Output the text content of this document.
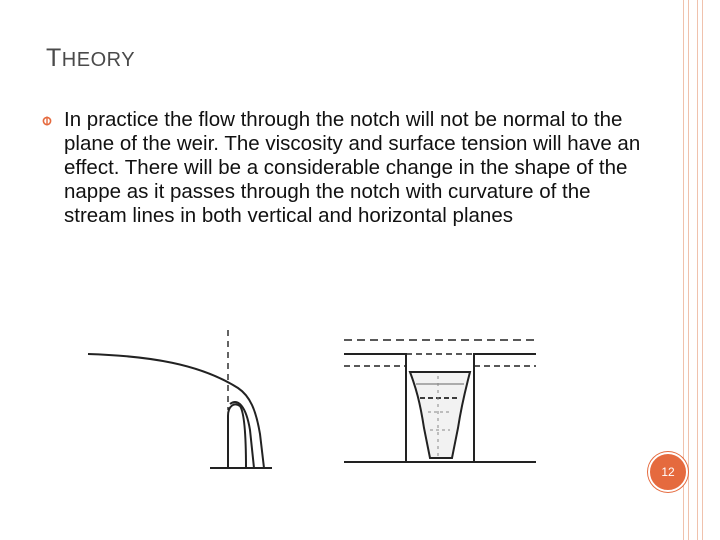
THEORY
In practice the flow through the notch will not be normal to the plane of the weir. The viscosity and surface tension will have an effect. There will be a considerable change in the shape of the nappe as it passes through the notch with curvature of the stream lines in both vertical and horizontal planes
12
